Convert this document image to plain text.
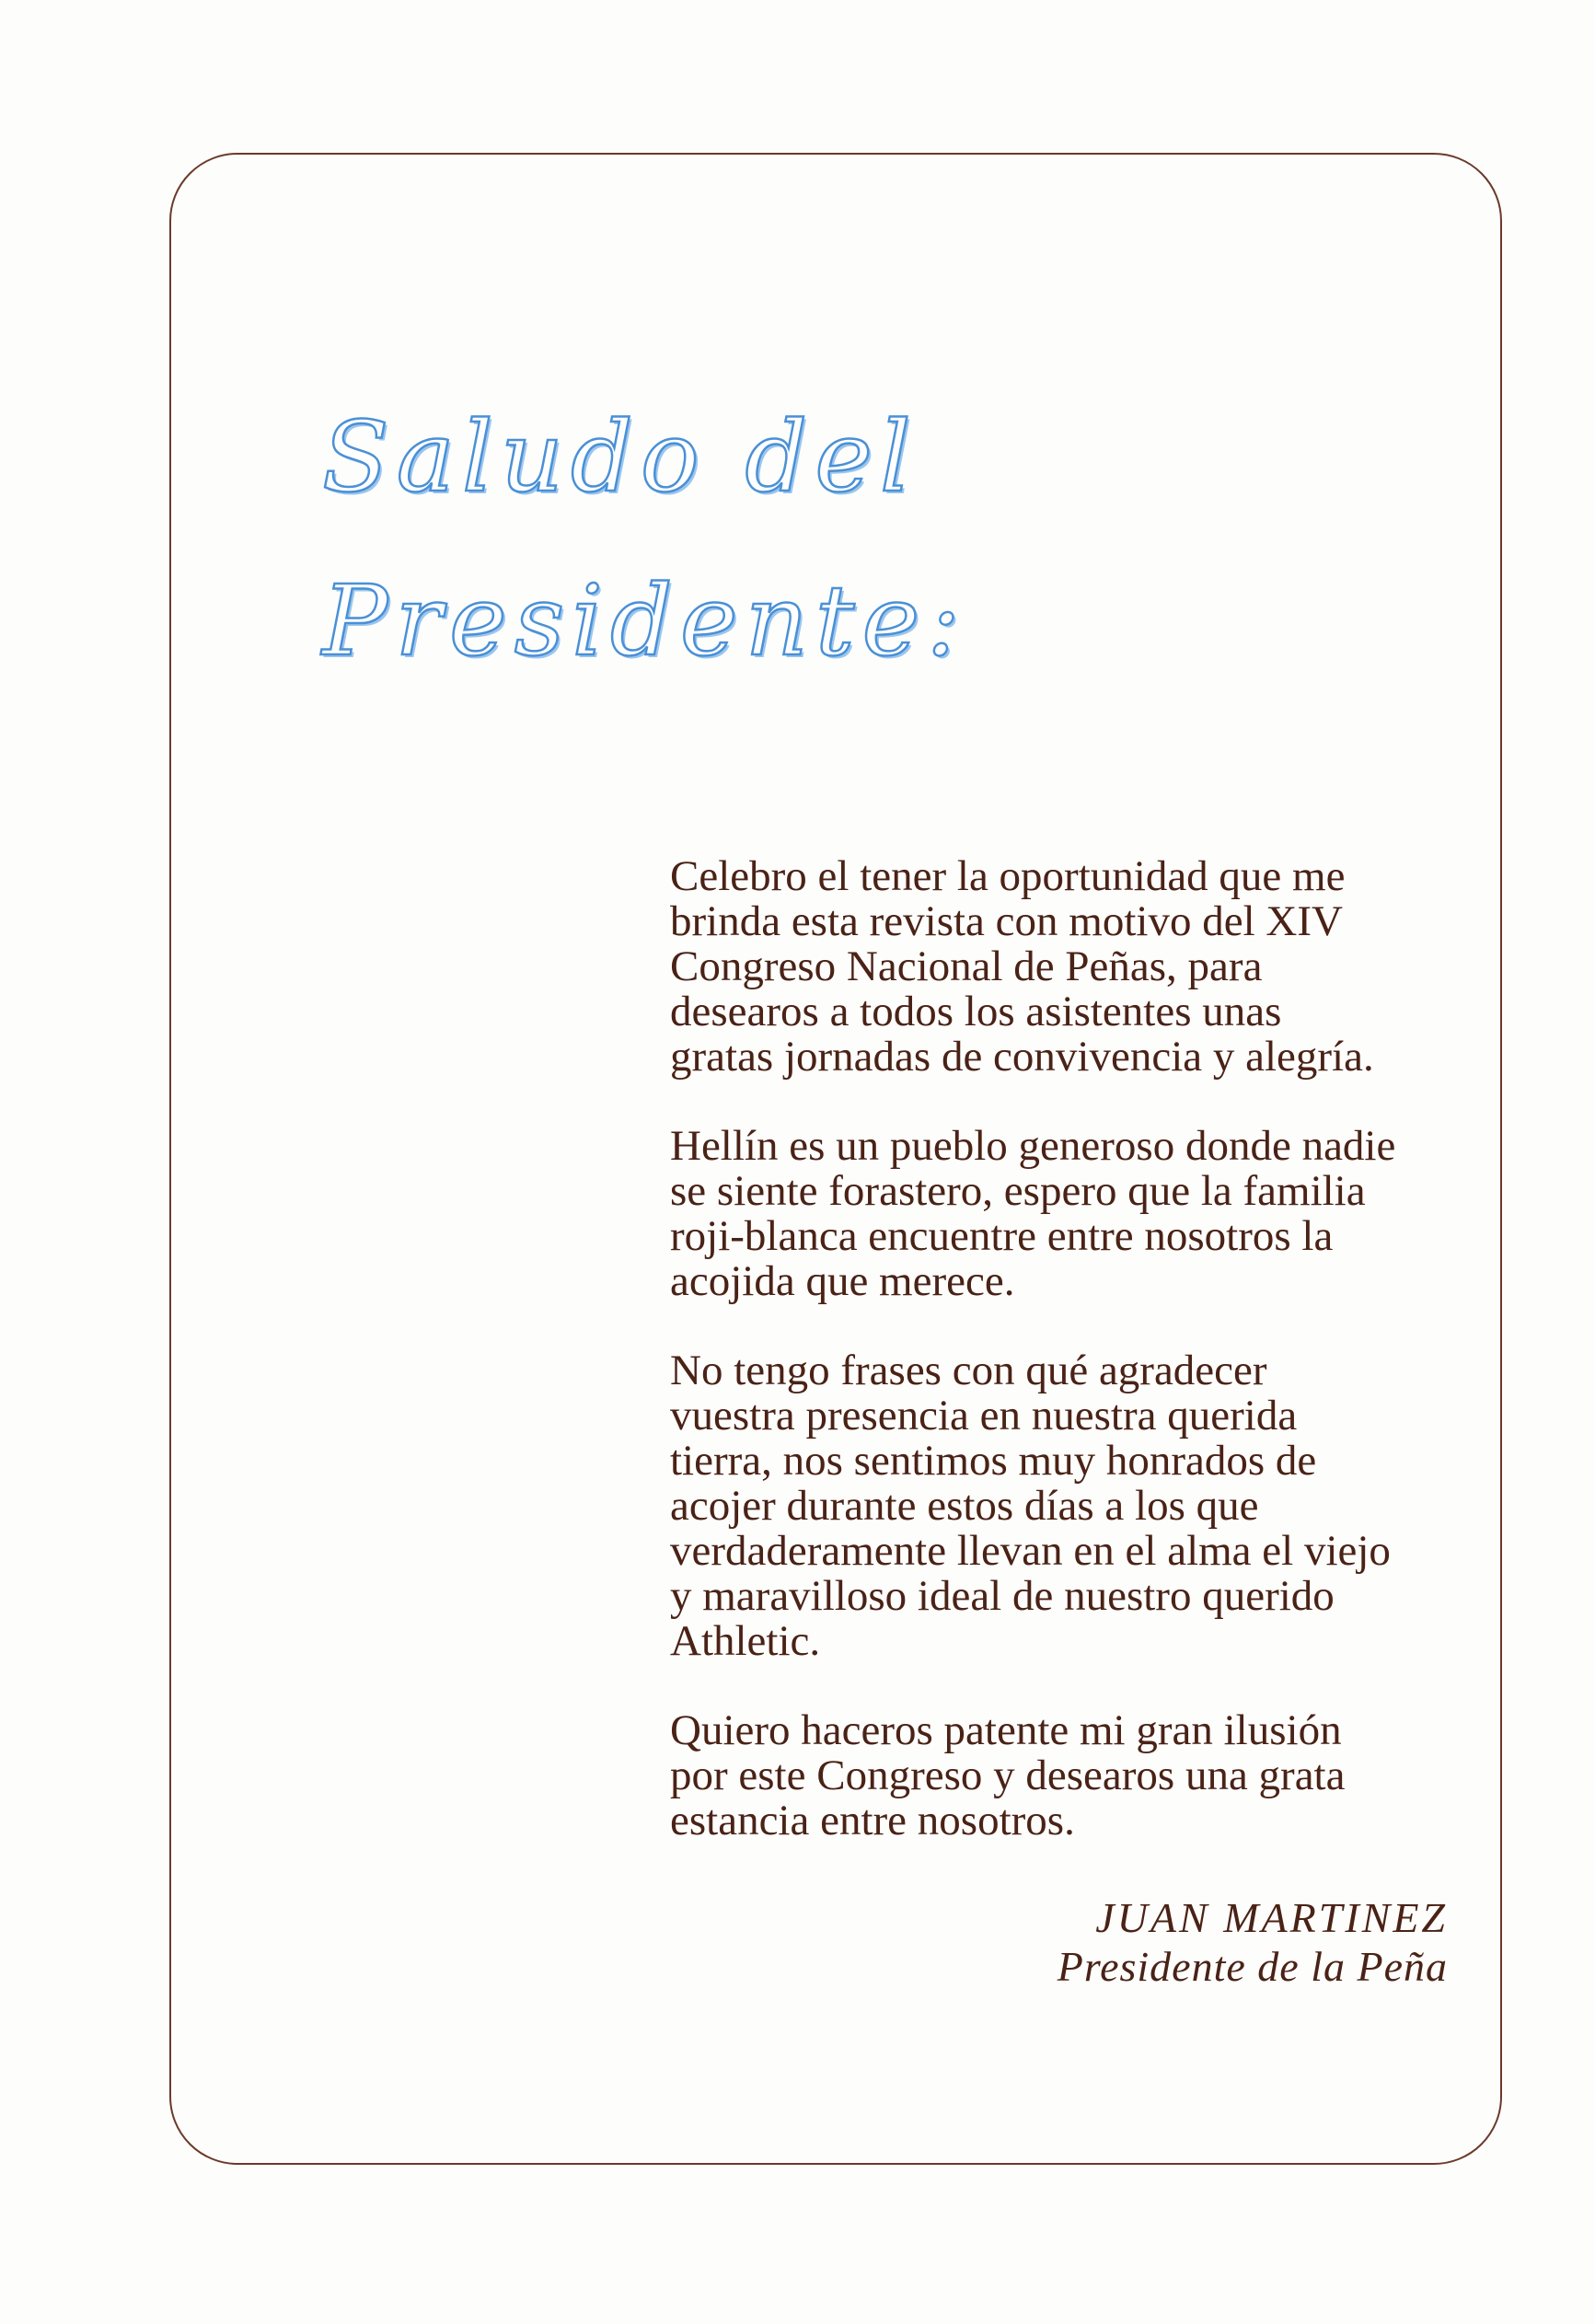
Saludo del
Presidente:

Celebro el tener la oportunidad que me
brinda esta revista con motivo del XIV
Congreso Nacional de Peñas, para
desearos a todos los asistentes unas
gratas jornadas de convivencia y alegría.

Hellín es un pueblo generoso donde nadie
se siente forastero, espero que la familia
roji-blanca encuentre entre nosotros la
acojida que merece.

No tengo frases con qué agradecer
vuestra presencia en nuestra querida
tierra, nos sentimos muy honrados de
acojer durante estos días a los que
verdaderamente llevan en el alma el viejo
y maravilloso ideal de nuestro querido
Athletic.

Quiero haceros patente mi gran ilusión
por este Congreso y desearos una grata
estancia entre nosotros.

JUAN MARTINEZ
Presidente de la Peña
